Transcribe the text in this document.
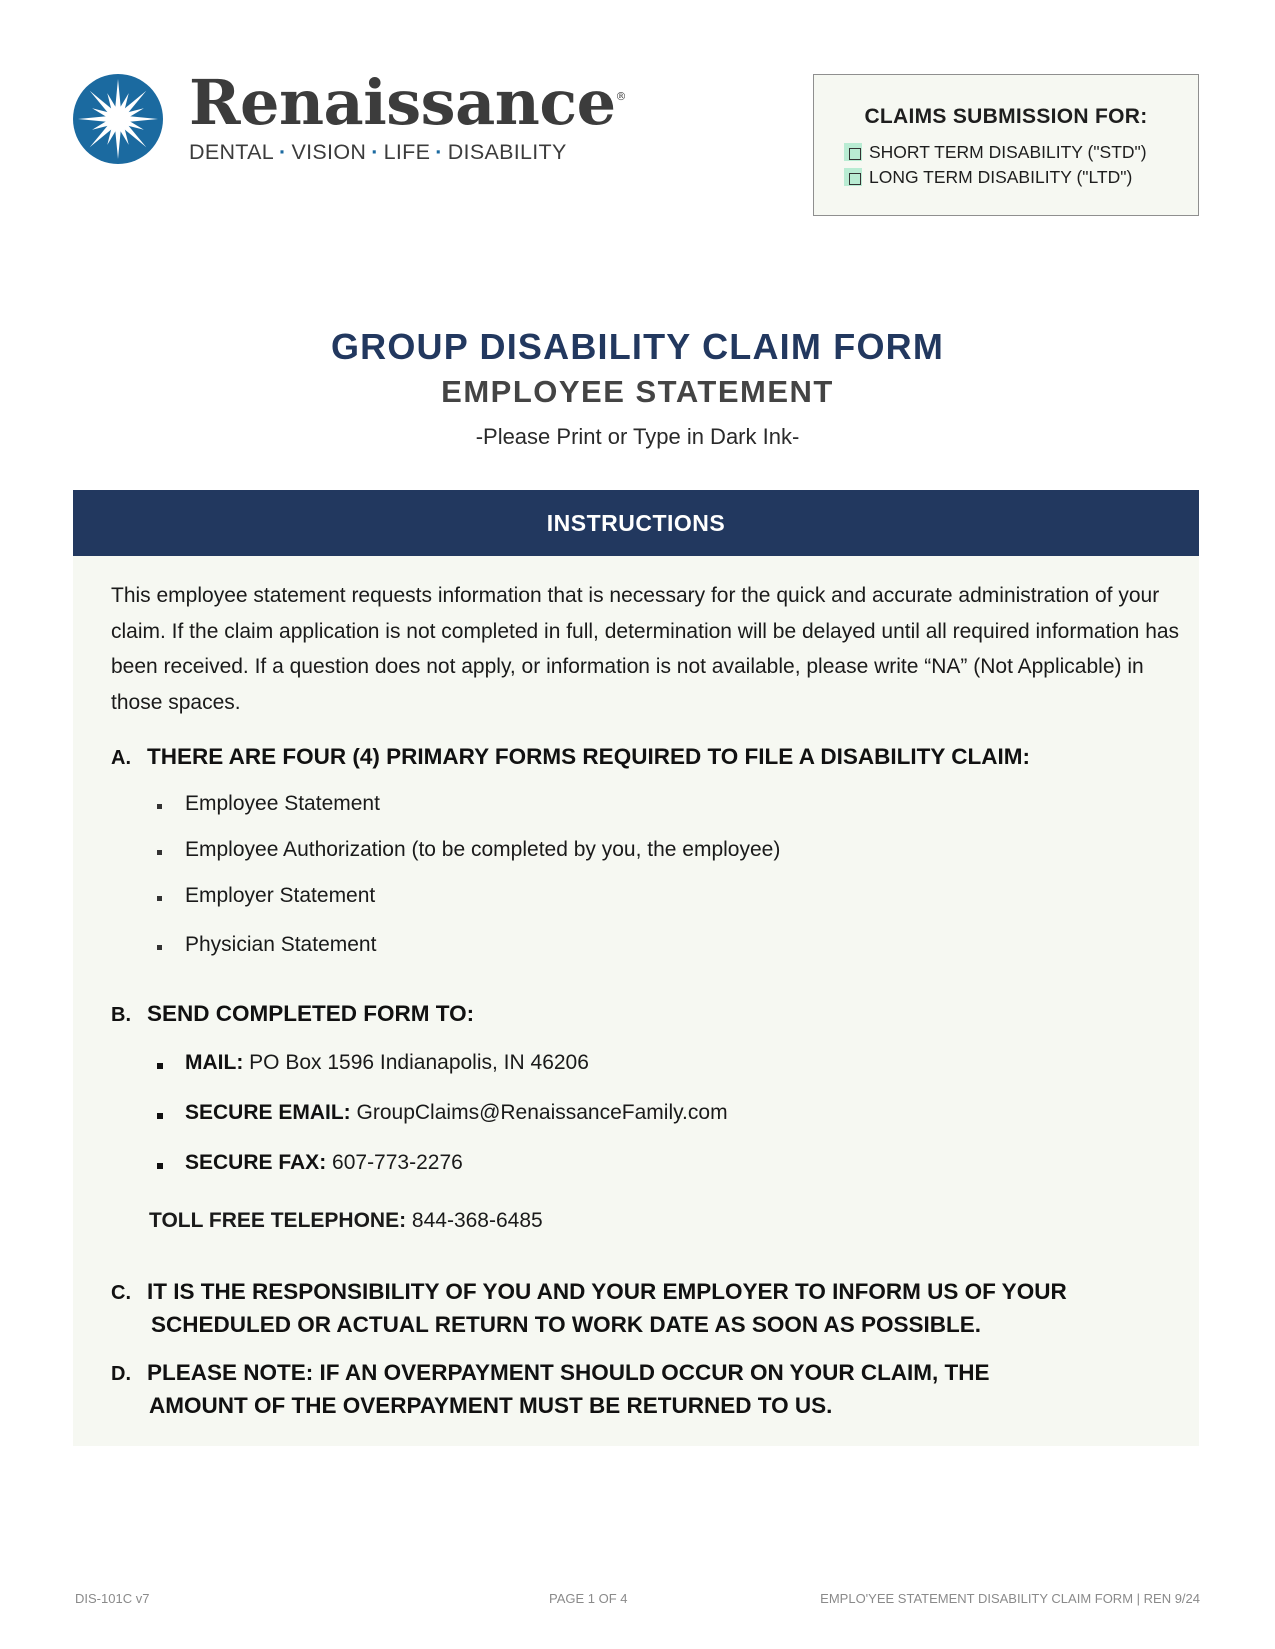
Renaissance®
DENTAL · VISION · LIFE · DISABILITY
CLAIMS SUBMISSION FOR:
SHORT TERM DISABILITY ("STD")
LONG TERM DISABILITY ("LTD")
GROUP DISABILITY CLAIM FORM
EMPLOYEE STATEMENT
-Please Print or Type in Dark Ink-
INSTRUCTIONS
This employee statement requests information that is necessary for the quick and accurate administration of your claim. If the claim application is not completed in full, determination will be delayed until all required information has been received. If a question does not apply, or information is not available, please write “NA” (Not Applicable) in those spaces.
A. THERE ARE FOUR (4) PRIMARY FORMS REQUIRED TO FILE A DISABILITY CLAIM:
Employee Statement
Employee Authorization (to be completed by you, the employee)
Employer Statement
Physician Statement
B. SEND COMPLETED FORM TO:
MAIL: PO Box 1596 Indianapolis, IN 46206
SECURE EMAIL: GroupClaims@RenaissanceFamily.com
SECURE FAX: 607-773-2276
TOLL FREE TELEPHONE: 844-368-6485
C. IT IS THE RESPONSIBILITY OF YOU AND YOUR EMPLOYER TO INFORM US OF YOUR
SCHEDULED OR ACTUAL RETURN TO WORK DATE AS SOON AS POSSIBLE.
D. PLEASE NOTE: IF AN OVERPAYMENT SHOULD OCCUR ON YOUR CLAIM, THE
AMOUNT OF THE OVERPAYMENT MUST BE RETURNED TO US.
DIS-101C v7	PAGE 1 OF 4	EMPLO'YEE STATEMENT DISABILITY CLAIM FORM | REN 9/24
